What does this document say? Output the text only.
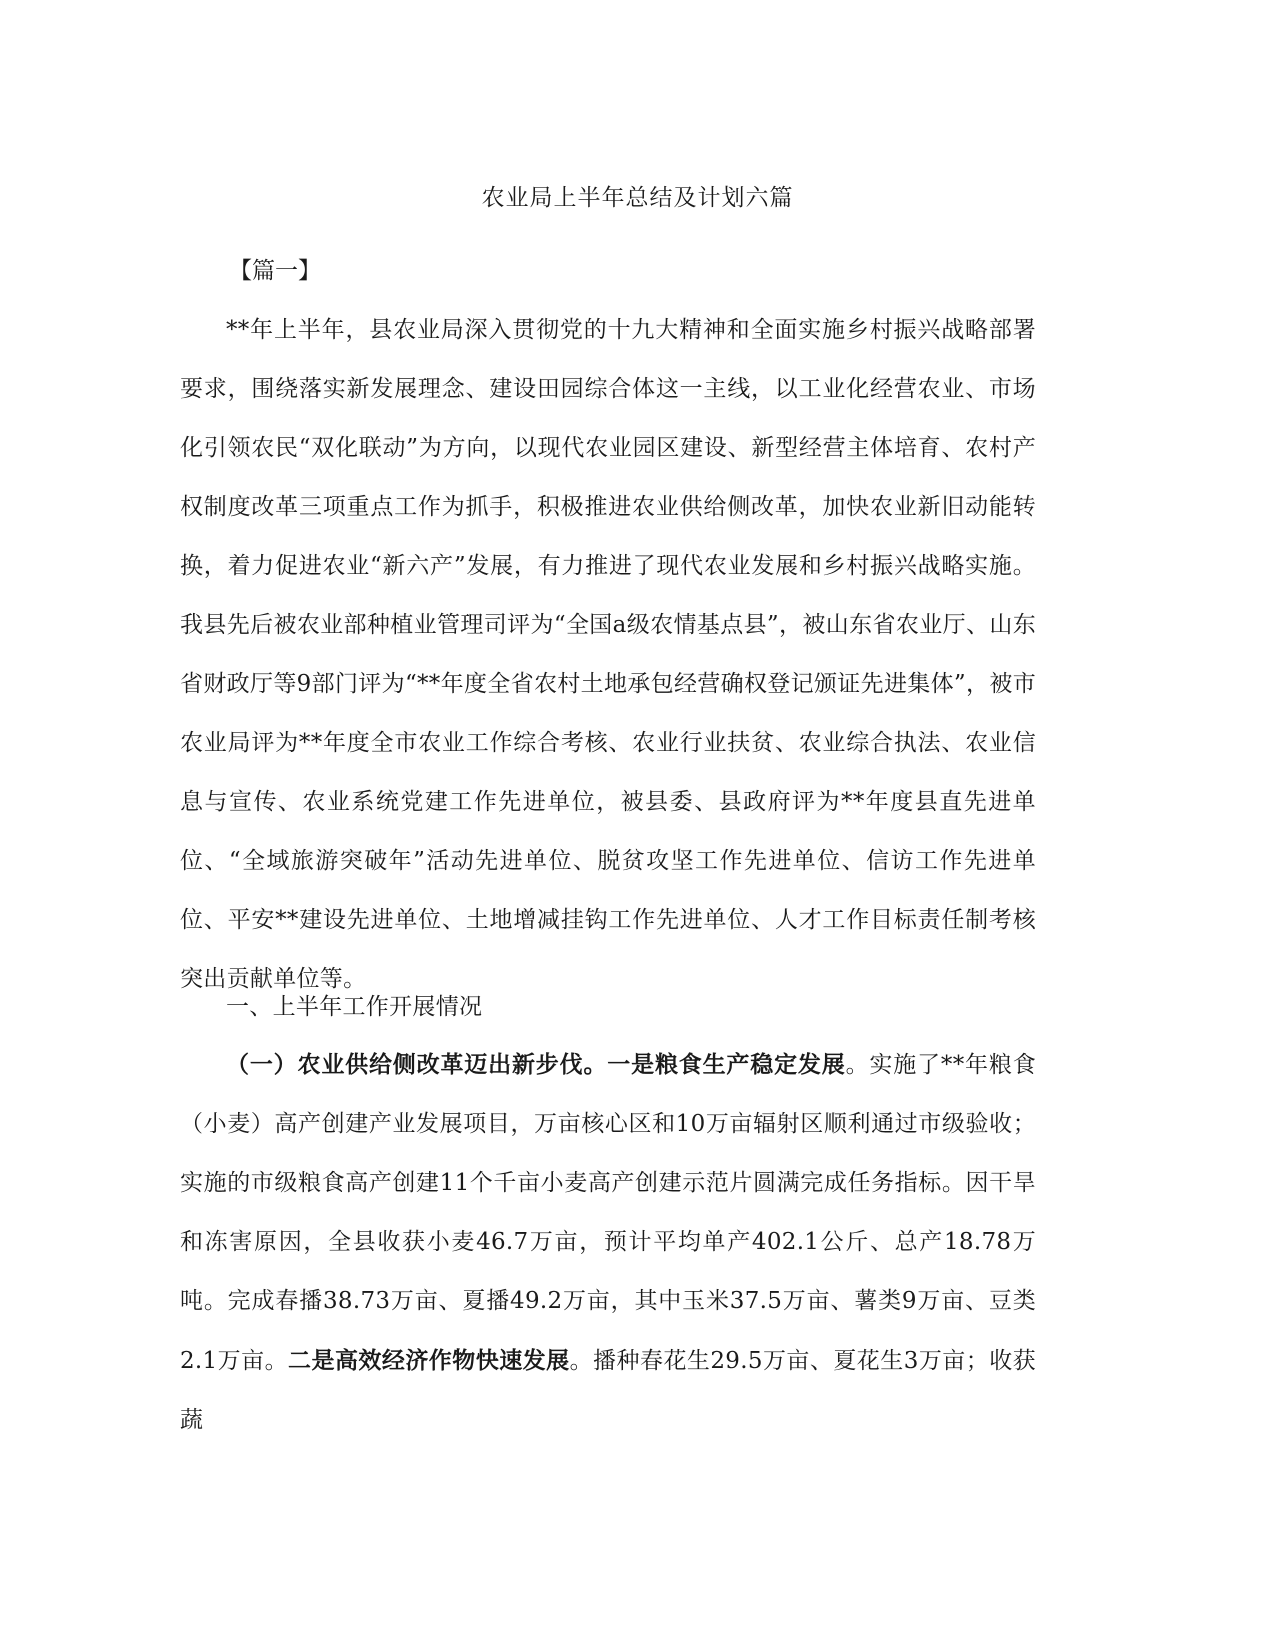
农业局上半年总结及计划六篇

【篇一】

**年上半年，县农业局深入贯彻党的十九大精神和全面实施乡村振兴战略部署要求，围绕落实新发展理念、建设田园综合体这一主线，以工业化经营农业、市场化引领农民“双化联动”为方向，以现代农业园区建设、新型经营主体培育、农村产权制度改革三项重点工作为抓手，积极推进农业供给侧改革，加快农业新旧动能转换，着力促进农业“新六产”发展，有力推进了现代农业发展和乡村振兴战略实施。我县先后被农业部种植业管理司评为“全国a级农情基点县”，被山东省农业厅、山东省财政厅等9部门评为“**年度全省农村土地承包经营确权登记颁证先进集体”，被市农业局评为**年度全市农业工作综合考核、农业行业扶贫、农业综合执法、农业信息与宣传、农业系统党建工作先进单位，被县委、县政府评为**年度县直先进单位、“全域旅游突破年”活动先进单位、脱贫攻坚工作先进单位、信访工作先进单位、平安**建设先进单位、土地增减挂钩工作先进单位、人才工作目标责任制考核突出贡献单位等。

一、上半年工作开展情况

（一）农业供给侧改革迈出新步伐。一是粮食生产稳定发展。实施了**年粮食（小麦）高产创建产业发展项目，万亩核心区和10万亩辐射区顺利通过市级验收；实施的市级粮食高产创建11个千亩小麦高产创建示范片圆满完成任务指标。因干旱和冻害原因，全县收获小麦46.7万亩，预计平均单产402.1公斤、总产18.78万吨。完成春播38.73万亩、夏播49.2万亩，其中玉米37.5万亩、薯类9万亩、豆类2.1万亩。二是高效经济作物快速发展。播种春花生29.5万亩、夏花生3万亩；收获蔬
